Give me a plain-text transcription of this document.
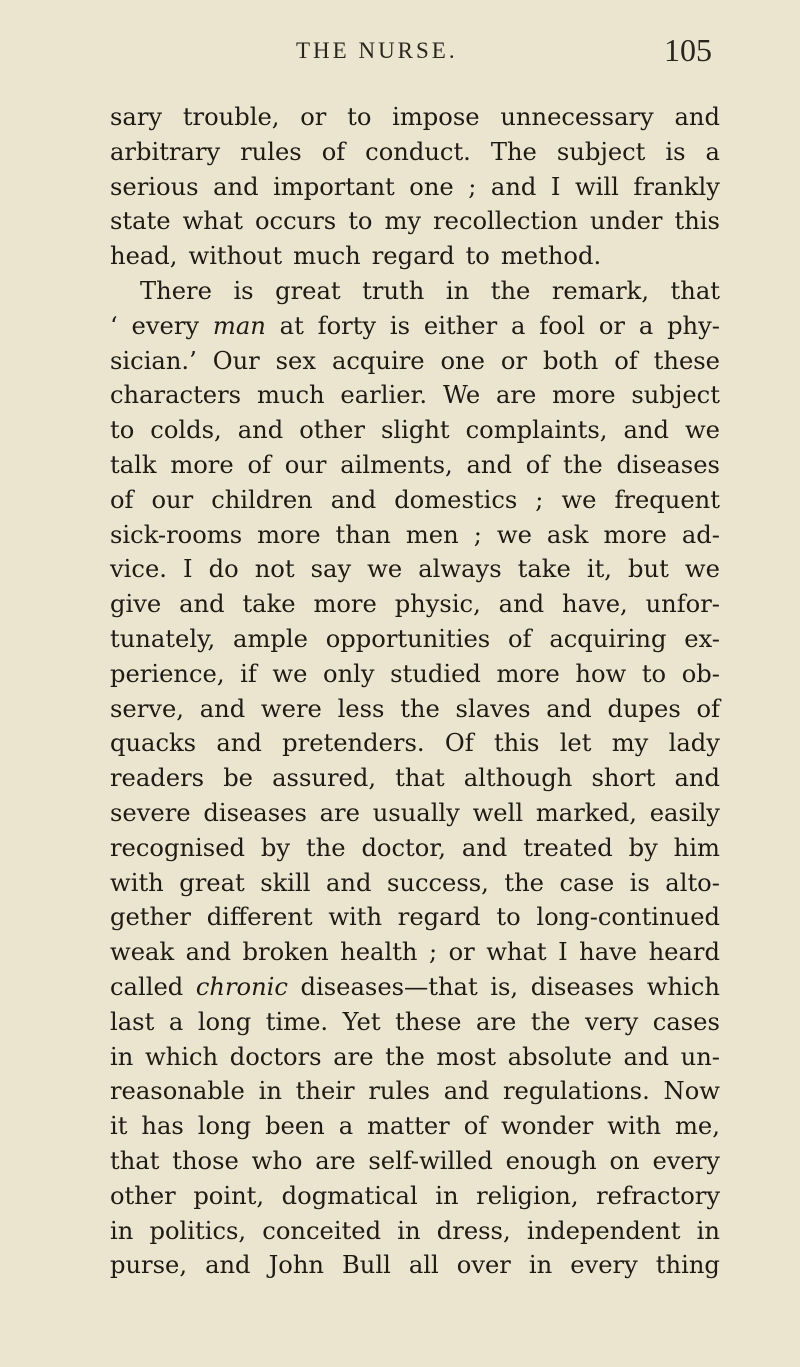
THE NURSE.	105
sary trouble, or to impose unnecessary and
arbitrary rules of conduct. The subject is a
serious and important one ; and I will frankly
state what occurs to my recollection under this
head, without much regard to method.
There is great truth in the remark, that
‘ every man at forty is either a fool or a phy-
sician.’ Our sex acquire one or both of these
characters much earlier. We are more subject
to colds, and other slight complaints, and we
talk more of our ailments, and of the diseases
of our children and domestics ; we frequent
sick-rooms more than men ; we ask more ad-
vice. I do not say we always take it, but we
give and take more physic, and have, unfor-
tunately, ample opportunities of acquiring ex-
perience, if we only studied more how to ob-
serve, and were less the slaves and dupes of
quacks and pretenders. Of this let my lady
readers be assured, that although short and
severe diseases are usually well marked, easily
recognised by the doctor, and treated by him
with great skill and success, the case is alto-
gether different with regard to long-continued
weak and broken health ; or what I have heard
called chronic diseases—that is, diseases which
last a long time. Yet these are the very cases
in which doctors are the most absolute and un-
reasonable in their rules and regulations. Now
it has long been a matter of wonder with me,
that those who are self-willed enough on every
other point, dogmatical in religion, refractory
in politics, conceited in dress, independent in
purse, and John Bull all over in every thing
